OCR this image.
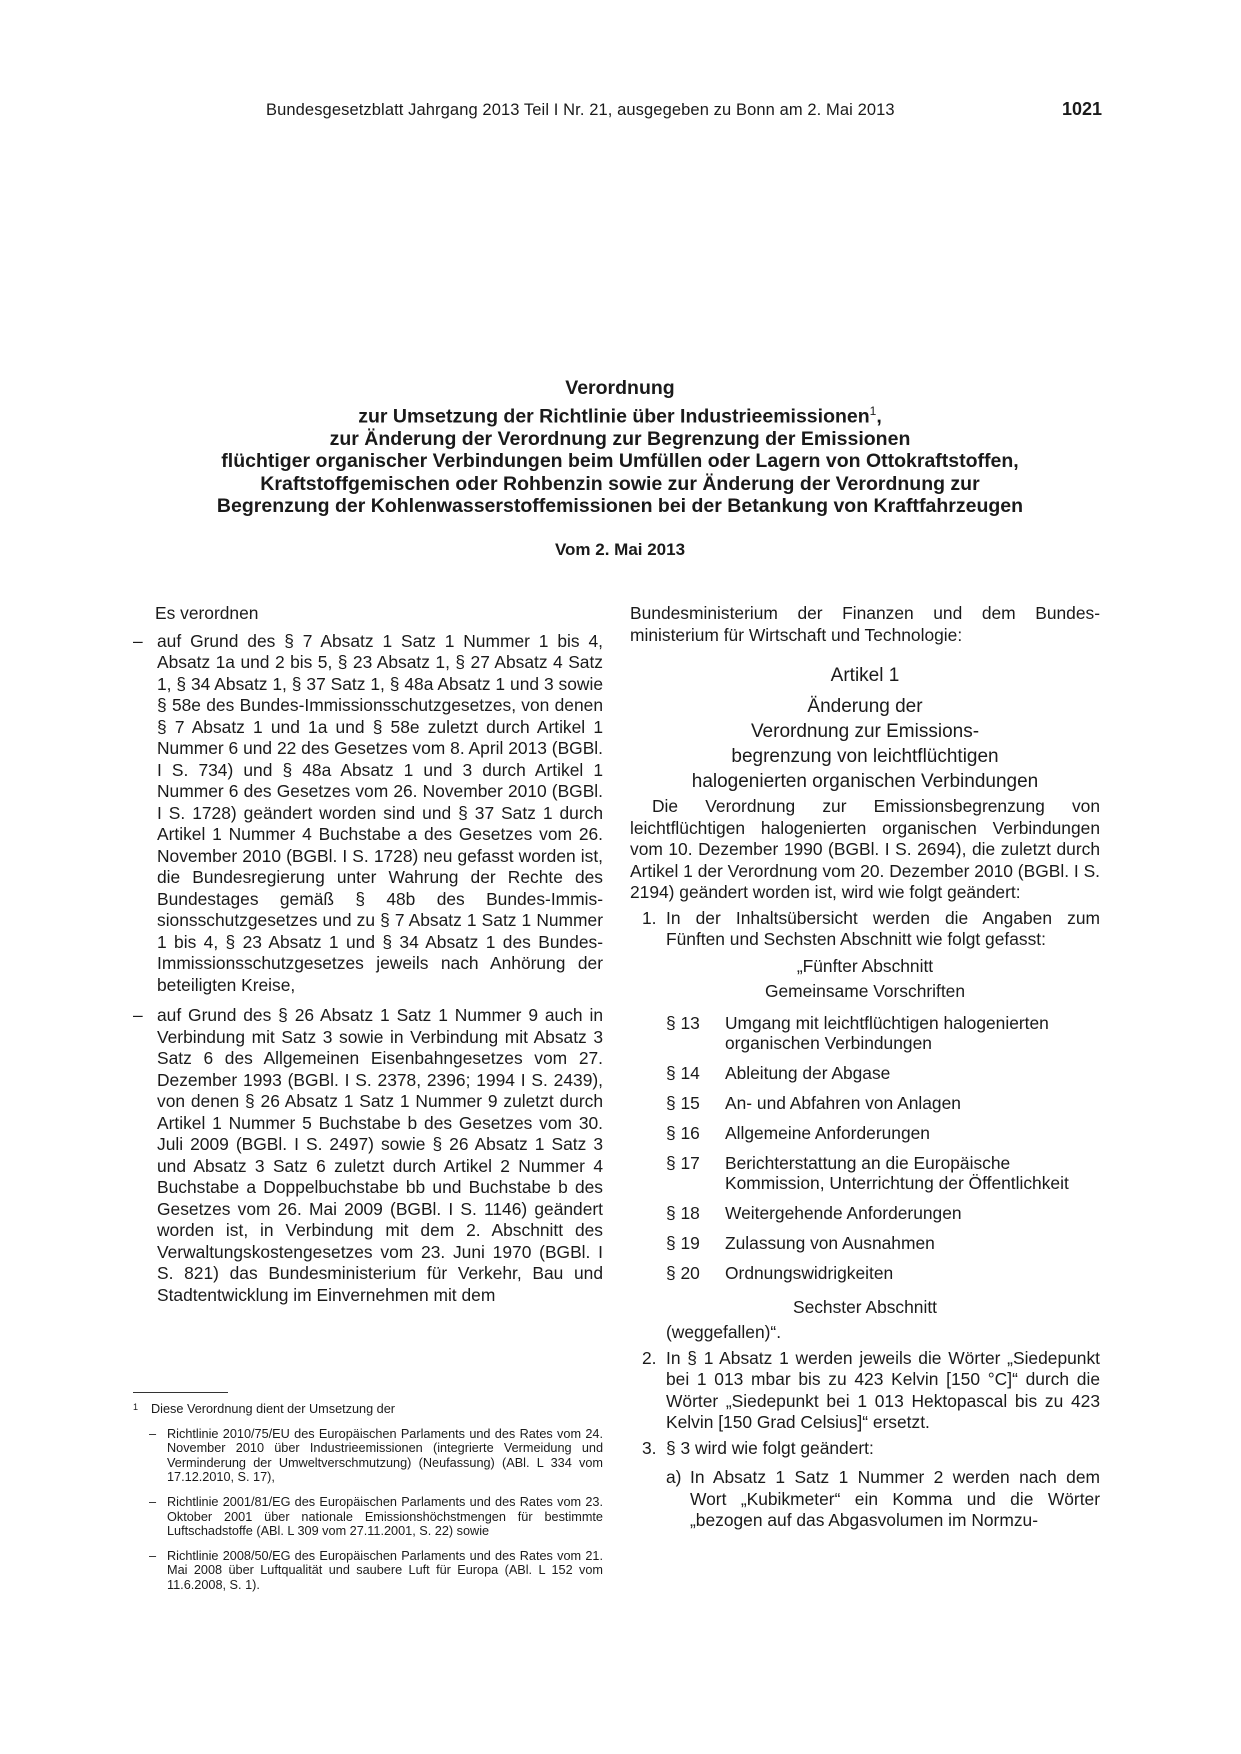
Bundesgesetzblatt Jahrgang 2013 Teil I Nr. 21, ausgegeben zu Bonn am 2. Mai 2013	1021
Verordnung
zur Umsetzung der Richtlinie über Industrieemissionen$^1$,
zur Änderung der Verordnung zur Begrenzung der Emissionen
flüchtiger organischer Verbindungen beim Umfüllen oder Lagern von Ottokraftstoffen,
Kraftstoffgemischen oder Rohbenzin sowie zur Änderung der Verordnung zur
Begrenzung der Kohlenwasserstoffemissionen bei der Betankung von Kraftfahrzeugen
Vom 2. Mai 2013

Es verordnen

– auf Grund des § 7 Absatz 1 Satz 1 Nummer 1 bis 4, Absatz 1a und 2 bis 5, § 23 Absatz 1, § 27 Absatz 4 Satz 1, § 34 Absatz 1, § 37 Satz 1, § 48a Absatz 1 und 3 sowie § 58e des Bundes-Immissionsschutzgesetzes, von denen § 7 Absatz 1 und 1a und § 58e zuletzt durch Artikel 1 Nummer 6 und 22 des Gesetzes vom 8. April 2013 (BGBl. I S. 734) und § 48a Absatz 1 und 3 durch Artikel 1 Nummer 6 des Gesetzes vom 26. November 2010 (BGBl. I S. 1728) geändert worden sind und § 37 Satz 1 durch Artikel 1 Nummer 4 Buchstabe a des Gesetzes vom 26. November 2010 (BGBl. I S. 1728) neu gefasst worden ist, die Bundesregierung unter Wahrung der Rechte des Bundestages gemäß § 48b des Bundes-Immissionsschutzgesetzes und zu § 7 Absatz 1 Satz 1 Nummer 1 bis 4, § 23 Absatz 1 und § 34 Absatz 1 des Bundes-Immissionsschutzgesetzes jeweils nach Anhörung der beteiligten Kreise,

– auf Grund des § 26 Absatz 1 Satz 1 Nummer 9 auch in Verbindung mit Satz 3 sowie in Verbindung mit Absatz 3 Satz 6 des Allgemeinen Eisenbahngesetzes vom 27. Dezember 1993 (BGBl. I S. 2378, 2396; 1994 I S. 2439), von denen § 26 Absatz 1 Satz 1 Nummer 9 zuletzt durch Artikel 1 Nummer 5 Buchstabe b des Gesetzes vom 30. Juli 2009 (BGBl. I S. 2497) sowie § 26 Absatz 1 Satz 3 und Absatz 3 Satz 6 zuletzt durch Artikel 2 Nummer 4 Buchstabe a Doppelbuchstabe bb und Buchstabe b des Gesetzes vom 26. Mai 2009 (BGBl. I S. 1146) geändert worden ist, in Verbindung mit dem 2. Abschnitt des Verwaltungskostengesetzes vom 23. Juni 1970 (BGBl. I S. 821) das Bundesministerium für Verkehr, Bau und Stadtentwicklung im Einvernehmen mit dem

Bundesministerium der Finanzen und dem Bundesministerium für Wirtschaft und Technologie:

Artikel 1
Änderung der
Verordnung zur Emissions-
begrenzung von leichtflüchtigen
halogenierten organischen Verbindungen

Die Verordnung zur Emissionsbegrenzung von leichtflüchtigen halogenierten organischen Verbindungen vom 10. Dezember 1990 (BGBl. I S. 2694), die zuletzt durch Artikel 1 der Verordnung vom 20. Dezember 2010 (BGBl. I S. 2194) geändert worden ist, wird wie folgt geändert:

1. In der Inhaltsübersicht werden die Angaben zum Fünften und Sechsten Abschnitt wie folgt gefasst:

„Fünfter Abschnitt
Gemeinsame Vorschriften
§ 13 Umgang mit leichtflüchtigen halogenierten organischen Verbindungen
§ 14 Ableitung der Abgase
§ 15 An- und Abfahren von Anlagen
§ 16 Allgemeine Anforderungen
§ 17 Berichterstattung an die Europäische Kommission, Unterrichtung der Öffentlichkeit
§ 18 Weitergehende Anforderungen
§ 19 Zulassung von Ausnahmen
§ 20 Ordnungswidrigkeiten
Sechster Abschnitt

(weggefallen)“.

2. In § 1 Absatz 1 werden jeweils die Wörter „Siedepunkt bei 1 013 mbar bis zu 423 Kelvin [150 °C]“ durch die Wörter „Siedepunkt bei 1 013 Hektopascal bis zu 423 Kelvin [150 Grad Celsius]“ ersetzt.

3. § 3 wird wie folgt geändert:

a) In Absatz 1 Satz 1 Nummer 2 werden nach dem Wort „Kubikmeter“ ein Komma und die Wörter „bezogen auf das Abgasvolumen im Normzu-

1 Diese Verordnung dient der Umsetzung der
– Richtlinie 2010/75/EU des Europäischen Parlaments und des Rates vom 24. November 2010 über Industrieemissionen (integrierte Vermeidung und Verminderung der Umweltverschmutzung) (Neufassung) (ABl. L 334 vom 17.12.2010, S. 17),
– Richtlinie 2001/81/EG des Europäischen Parlaments und des Rates vom 23. Oktober 2001 über nationale Emissionshöchstmengen für bestimmte Luftschadstoffe (ABl. L 309 vom 27.11.2001, S. 22) sowie
– Richtlinie 2008/50/EG des Europäischen Parlaments und des Rates vom 21. Mai 2008 über Luftqualität und saubere Luft für Europa (ABl. L 152 vom 11.6.2008, S. 1).
